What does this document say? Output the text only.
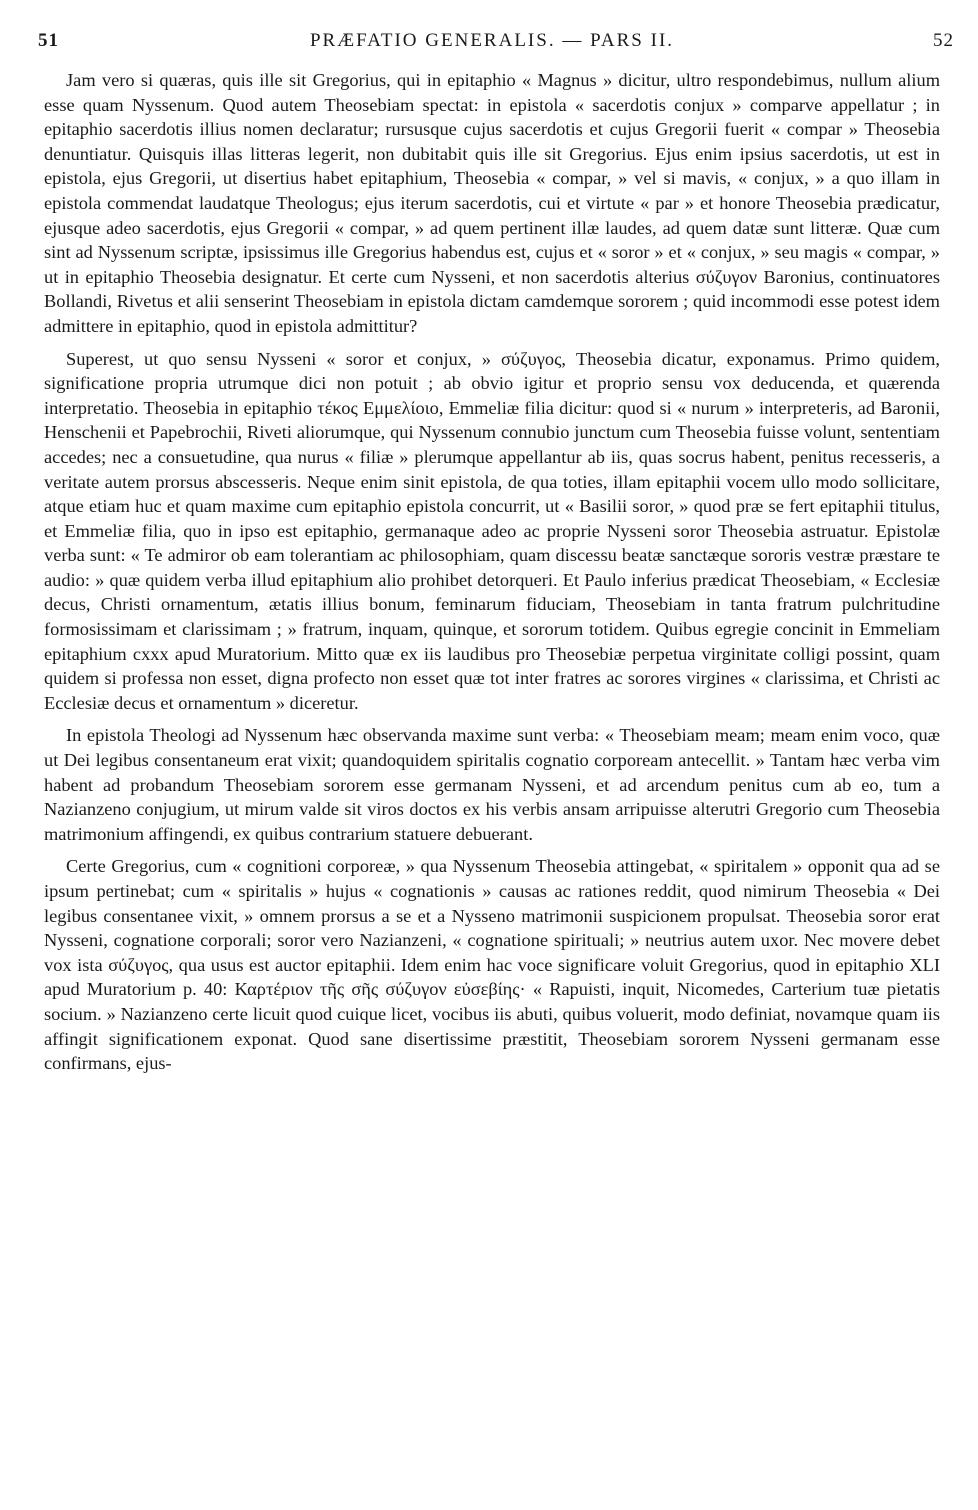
51	PRÆFATIO GENERALIS. — PARS II.	52

Jam vero si quæras, quis ille sit Gregorius, qui in epitaphio « Magnus » dicitur, ultro respondebimus, nullum alium esse quam Nyssenum. Quod autem Theosebiam spectat: in epistola « sacerdotis conjux » comparve appellatur ; in epitaphio sacerdotis illius nomen declaratur; rursusque cujus sacerdotis et cujus Gregorii fuerit « compar » Theosebia denuntiatur. Quisquis illas litteras legerit, non dubitabit quis ille sit Gregorius. Ejus enim ipsius sacerdotis, ut est in epistola, ejus Gregorii, ut disertius habet epitaphium, Theosebia « compar, » vel si mavis, « conjux, » a quo illam in epistola commendat laudatque Theologus; ejus iterum sacerdotis, cui et virtute « par » et honore Theosebia prædicatur, ejusque adeo sacerdotis, ejus Gregorii « compar, » ad quem pertinent illæ laudes, ad quem datæ sunt litteræ. Quæ cum sint ad Nyssenum scriptæ, ipsissimus ille Gregorius habendus est, cujus et « soror » et « conjux, » seu magis « compar, » ut in epitaphio Theosebia designatur. Et certe cum Nysseni, et non sacerdotis alterius σύζυγον Baronius, continuatores Bollandi, Rivetus et alii senserint Theosebiam in epistola dictam camdemque sororem ; quid incommodi esse potest idem admittere in epitaphio, quod in epistola admittitur?

Superest, ut quo sensu Nysseni « soror et conjux, » σύζυγος, Theosebia dicatur, exponamus. Primo quidem, significatione propria utrumque dici non potuit ; ab obvio igitur et proprio sensu vox deducenda, et quærenda interpretatio. Theosebia in epitaphio τέκος Εμμελίοιο, Emmeliæ filia dicitur: quod si « nurum » interpreteris, ad Baronii, Henschenii et Papebrochii, Riveti aliorumque, qui Nyssenum connubio junctum cum Theosebia fuisse volunt, sententiam accedes; nec a consuetudine, qua nurus « filiæ » plerumque appellantur ab iis, quas socrus habent, penitus recesseris, a veritate autem prorsus abscesseris. Neque enim sinit epistola, de qua toties, illam epitaphii vocem ullo modo sollicitare, atque etiam huc et quam maxime cum epitaphio epistola concurrit, ut « Basilii soror, » quod præ se fert epitaphii titulus, et Emmeliæ filia, quo in ipso est epitaphio, germanaque adeo ac proprie Nysseni soror Theosebia astruatur. Epistolæ verba sunt: « Te admiror ob eam tolerantiam ac philosophiam, quam discessu beatæ sanctæque sororis vestræ præstare te audio: » quæ quidem verba illud epitaphium alio prohibet detorqueri. Et Paulo inferius prædicat Theosebiam, « Ecclesiæ decus, Christi ornamentum, ætatis illius bonum, feminarum fiduciam, Theosebiam in tanta fratrum pulchritudine formosissimam et clarissimam ; » fratrum, inquam, quinque, et sororum totidem. Quibus egregie concinit in Emmeliam epitaphium cxxx apud Muratorium. Mitto quæ ex iis laudibus pro Theosebiæ perpetua virginitate colligi possint, quam quidem si professa non esset, digna profecto non esset quæ tot inter fratres ac sorores virgines « clarissima, et Christi ac Ecclesiæ decus et ornamentum » diceretur.

In epistola Theologi ad Nyssenum hæc observanda maxime sunt verba: « Theosebiam meam; meam enim voco, quæ ut Dei legibus consentaneum erat vixit; quandoquidem spiritalis cognatio corpoream antecellit. » Tantam hæc verba vim habent ad probandum Theosebiam sororem esse germanam Nysseni, et ad arcendum penitus cum ab eo, tum a Nazianzeno conjugium, ut mirum valde sit viros doctos ex his verbis ansam arripuisse alterutri Gregorio cum Theosebia matrimonium affingendi, ex quibus contrarium statuere debuerant.

Certe Gregorius, cum « cognitioni corporeæ, » qua Nyssenum Theosebia attingebat, « spiritalem » opponit qua ad se ipsum pertinebat; cum « spiritalis » hujus « cognationis » causas ac rationes reddit, quod nimirum Theosebia « Dei legibus consentanee vixit, » omnem prorsus a se et a Nysseno matrimonii suspicionem propulsat. Theosebia soror erat Nysseni, cognatione corporali; soror vero Nazianzeni, « cognatione spirituali; » neutrius autem uxor. Nec movere debet vox ista σύζυγος, qua usus est auctor epitaphii. Idem enim hac voce significare voluit Gregorius, quod in epitaphio XLI apud Muratorium p. 40: Καρτέριον τῆς σῆς σύζυγον εὐσεβίης· « Rapuisti, inquit, Nicomedes, Carterium tuæ pietatis socium. » Nazianzeno certe licuit quod cuique licet, vocibus iis abuti, quibus voluerit, modo definiat, novamque quam iis affingit significationem exponat. Quod sane disertissime præstitit, Theosebiam sororem Nysseni germanam esse confirmans, ejus-
